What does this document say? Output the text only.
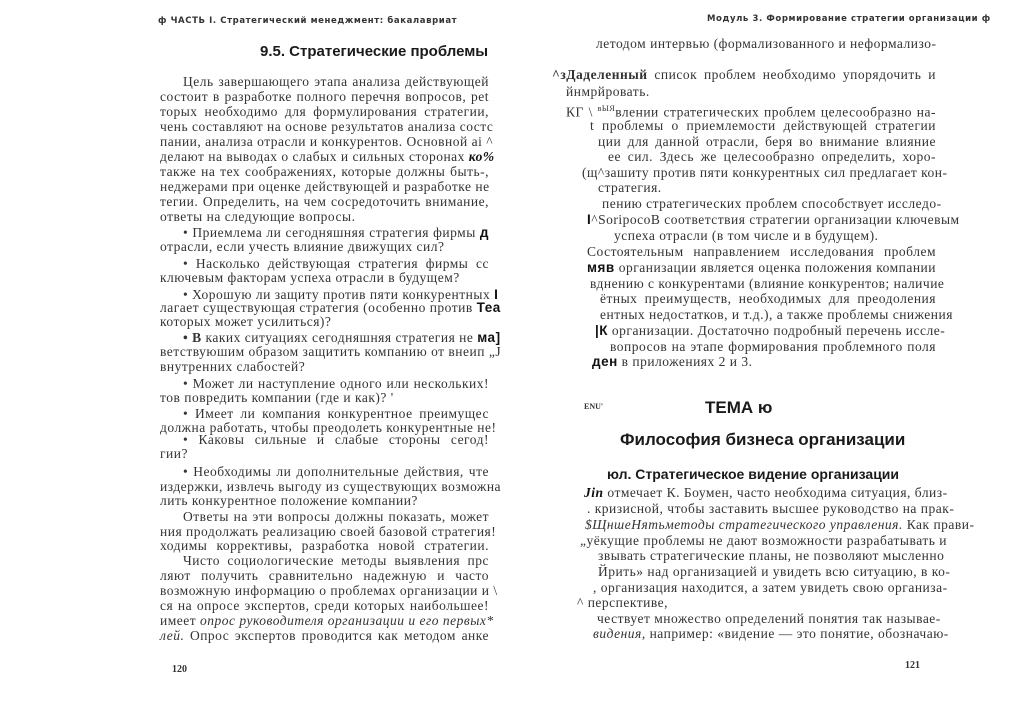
ф ЧАСТЬ I. Стратегический менеджмент: бакалавриат
9.5. Стратегические проблемы
120
Цель завершающего этапа анализа действующей
состоит в разработке полного перечня вопросов, pet
торых необходимо для формулирования стратегии,
чень составляют на основе результатов анализа состс
пании, анализа отрасли и конкурентов. Основной ai ^
делают на выводах о слабых и сильных сторонах ко%
также на тех соображениях, которые должны быть-,
неджерами при оценке действующей и разработке не
тегии. Определить, на чем сосредоточить внимание,
ответы на следующие вопросы.
• Приемлема ли сегодняшняя стратегия фирмы д
отрасли, если учесть влияние движущих сил?
• Насколько действующая стратегия фирмы сс
ключевым факторам успеха отрасли в будущем?
• Хорошую ли защиту против пяти конкурентных I
лагает существующая стратегия (особенно против Теа
которых может усилиться)?
• В каких ситуациях сегодняшняя стратегия не ма]
ветствуюшим образом защитить компанию от внеип „J
внутренних слабостей?
• Может ли наступление одного или нескольких!
тов повредить компании (где и как)? '
• Имеет ли компания конкурентное преимущес
должна работать, чтобы преодолеть конкурентные не!
• Каковы сильные и слабые стороны сегод!
гии?
• Необходимы ли дополнительные действия, чте
издержки, извлечь выгоду из существующих возможна
лить конкурентное положение компании?
Ответы на эти вопросы должны показать, может
ния продолжать реализацию своей базовой стратегия!
ходимы коррективы, разработка новой стратегии.
Чисто социологические методы выявления прс
ляют получить сравнительно надежную и часто
возможную информацию о проблемах организации и \
ся на опросе экспертов, среди которых наибольшее!
имеет опрос руководителя организации и его первых*
лей. Опрос экспертов проводится как методом анке
Модуль 3. Формирование стратегии организации ф
ENU'	ТЕМА ю
Философия бизнеса организации
юл. Стратегическое видение организации
121
летодом интервью (формализованного и неформализо-
^зДаделенный список проблем необходимо упорядочить и
йнмрйровать.
КГ \ $^{вЫЯ}$влении стратегических проблем целесообразно на-
t проблемы о приемлемости действующей стратегии
ции для данной отрасли, беря во внимание влияние
ее сил. Здесь же целесообразно определить, хоро-
(щ^зашиту против пяти конкурентных сил предлагает кон-
стратегия.
пению стратегических проблем способствует исследо-
I^SoripocoB соответствия стратегии организации ключевым
успеха отрасли (в том числе и в будущем).
Состоятельным направлением исследования проблем
мяв организации является оценка положения компании
вднению с конкурентами (влияние конкурентов; наличие
ётных преимуществ, необходимых для преодоления
ентных недостатков, и т.д.), а также проблемы снижения
|К организации. Достаточно подробный перечень иссле-
вопросов на этапе формирования проблемного поля
ден в приложениях 2 и 3.
Jin отмечает К. Боумен, часто необходима ситуация, близ-
. кризисной, чтобы заставить высшее руководство на прак-
$ЩншеНятьметоды стратегического управления. Как прави-
„уёкущие проблемы не дают возможности разрабатывать и
звывать стратегические планы, не позволяют мысленно
Йрить» над организацией и увидеть всю ситуацию, в ко-
, организация находится, а затем увидеть свою организа-
^ перспективе,
чествует множество определений понятия так называе-
видения, например: «видение — это понятие, обозначаю-
